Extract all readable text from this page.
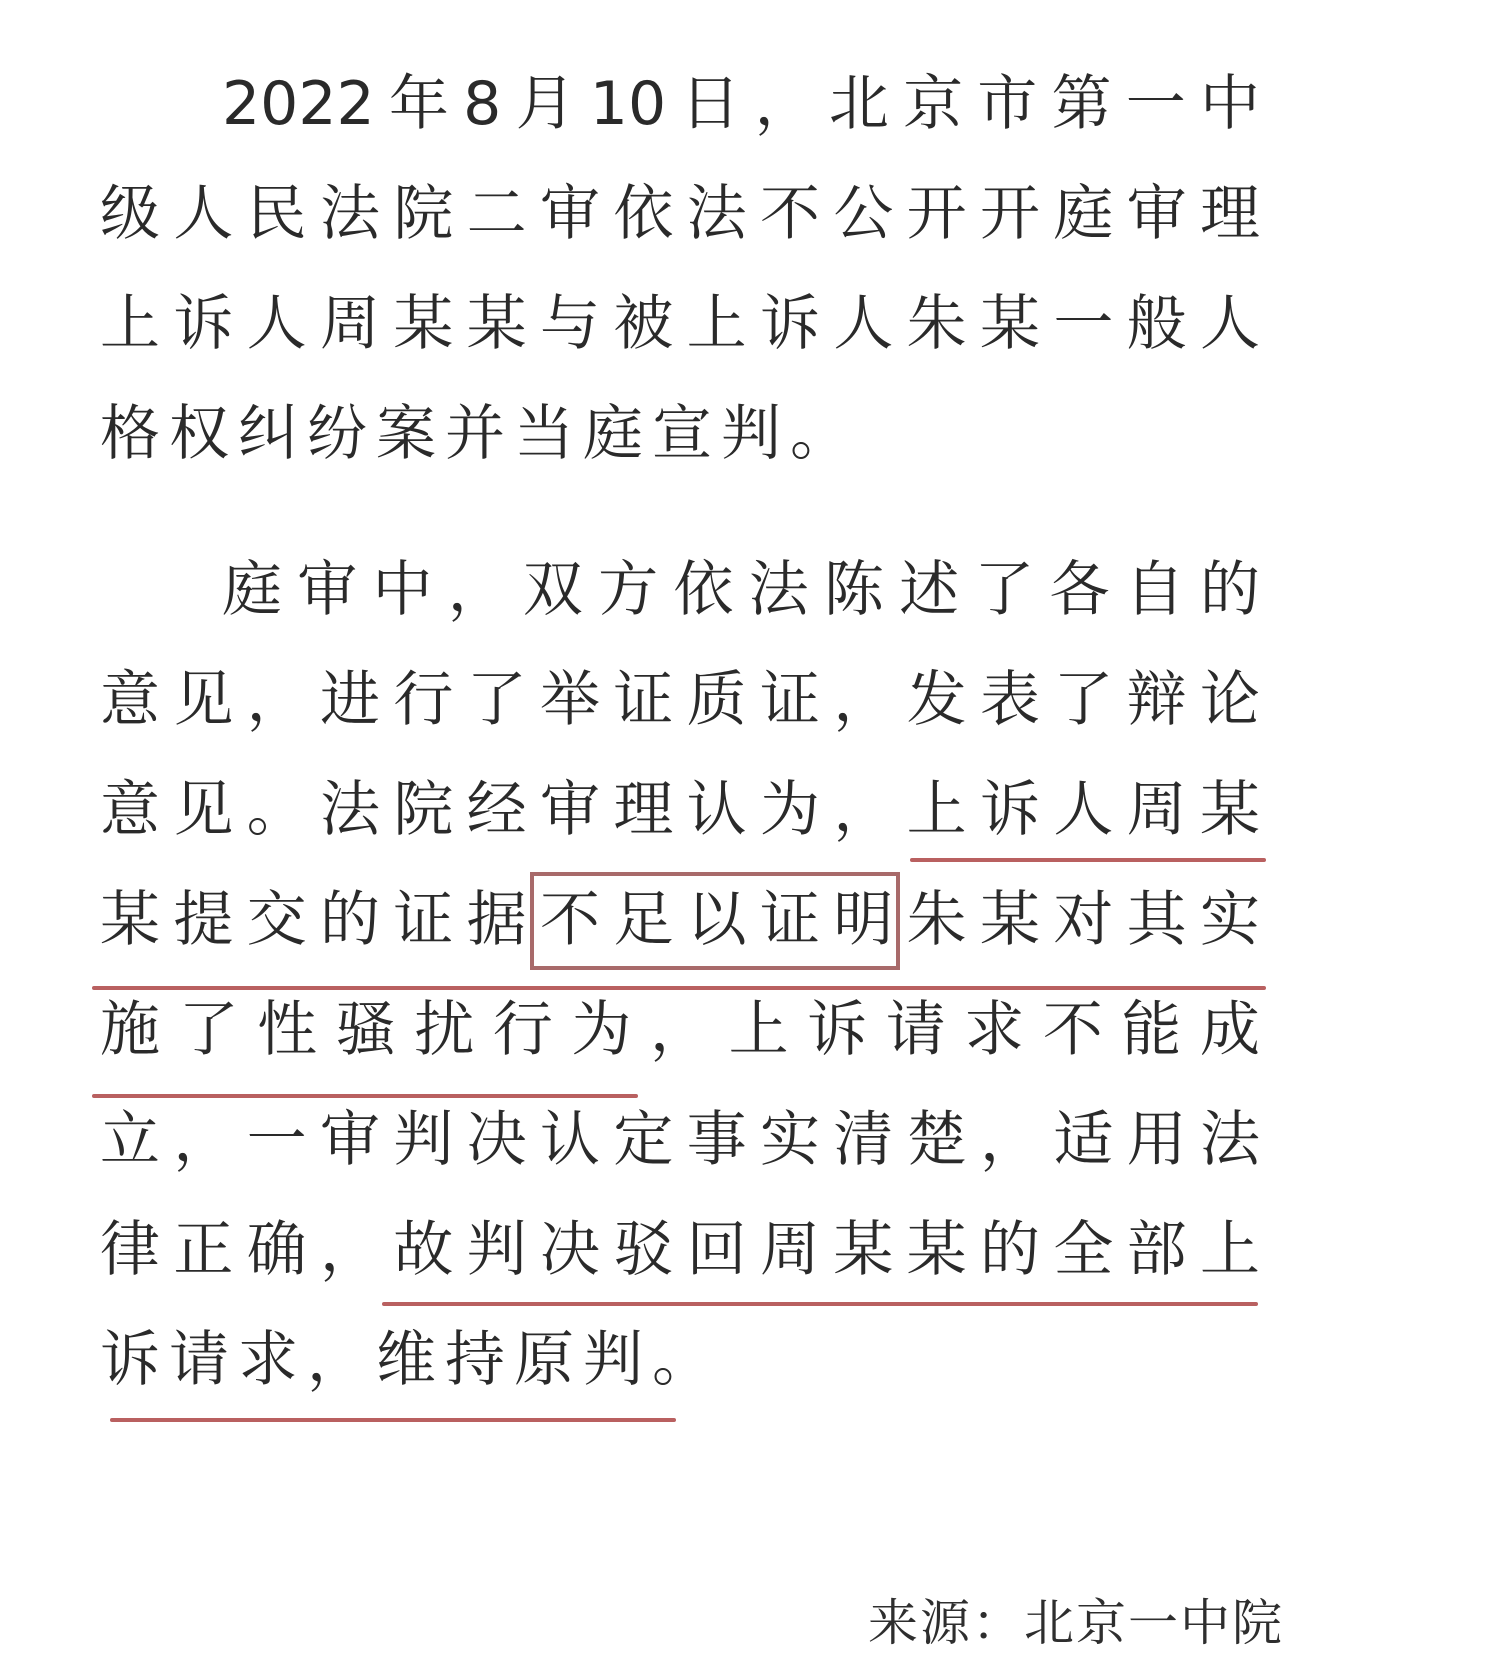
2022年8月10日，北京市第一中
级人民法院二审依法不公开开庭审理
上诉人周某某与被上诉人朱某一般人
格权纠纷案并当庭宣判。
庭审中，双方依法陈述了各自的
意见，进行了举证质证，发表了辩论
意见。法院经审理认为，上诉人周某
某提交的证据不足以证明朱某对其实
施了性骚扰行为，上诉请求不能成
立，一审判决认定事实清楚，适用法
律正确，故判决驳回周某某的全部上
诉请求，维持原判。
来源：北京一中院
